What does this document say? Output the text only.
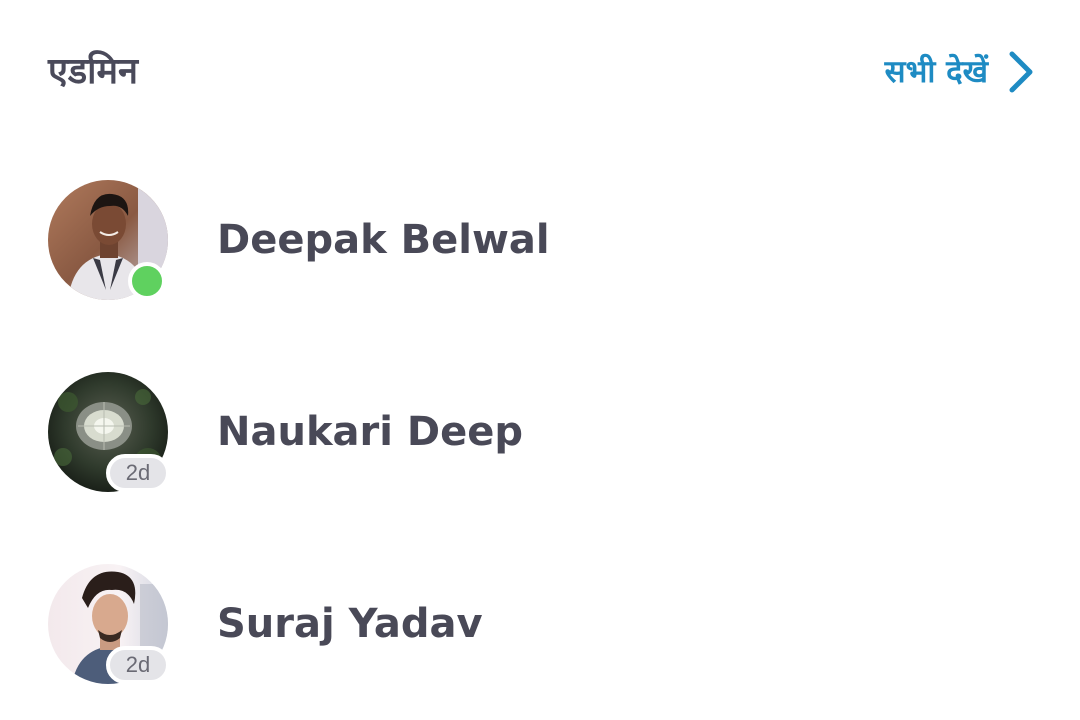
एडमिन	सभी देखें
Deepak Belwal
2d
Naukari Deep
2d
Suraj Yadav
